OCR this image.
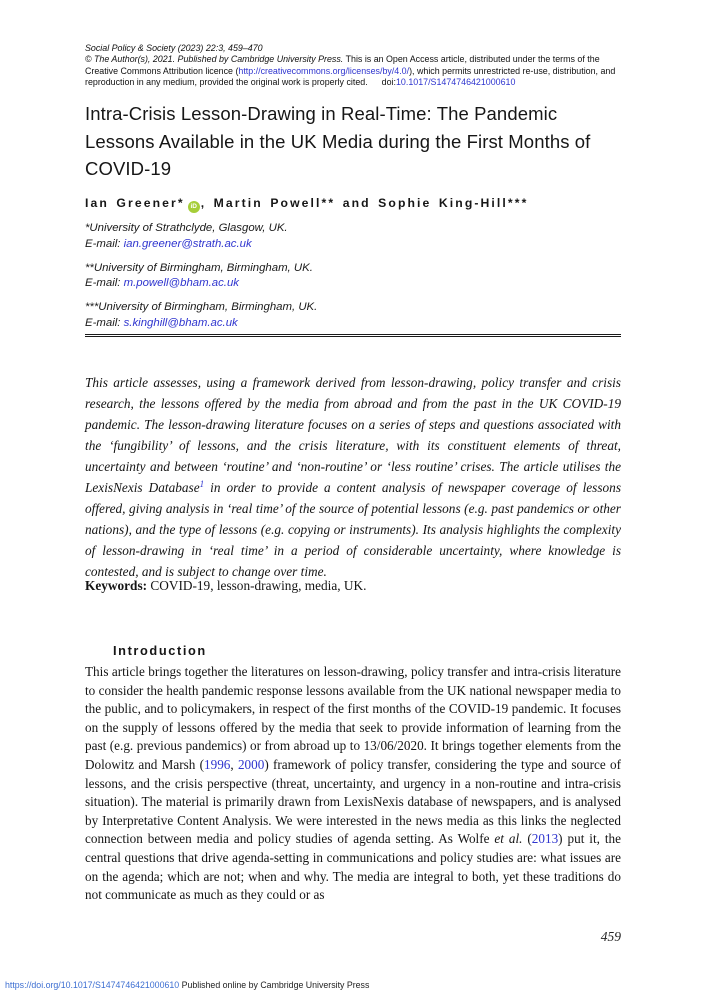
Social Policy & Society (2023) 22:3, 459–470
© The Author(s), 2021. Published by Cambridge University Press. This is an Open Access article, distributed under the terms of the Creative Commons Attribution licence (http://creativecommons.org/licenses/by/4.0/), which permits unrestricted re-use, distribution, and reproduction in any medium, provided the original work is properly cited. doi:10.1017/S1474746421000610
Intra-Crisis Lesson-Drawing in Real-Time: The Pandemic Lessons Available in the UK Media during the First Months of COVID-19
Ian Greener* iD , Martin Powell** and Sophie King-Hill***
*University of Strathclyde, Glasgow, UK.
E-mail: ian.greener@strath.ac.uk
**University of Birmingham, Birmingham, UK.
E-mail: m.powell@bham.ac.uk
***University of Birmingham, Birmingham, UK.
E-mail: s.kinghill@bham.ac.uk

This article assesses, using a framework derived from lesson-drawing, policy transfer and crisis research, the lessons offered by the media from abroad and from the past in the UK COVID-19 pandemic. The lesson-drawing literature focuses on a series of steps and questions associated with the ‘fungibility’ of lessons, and the crisis literature, with its constituent elements of threat, uncertainty and between ‘routine’ and ‘non-routine’ or ‘less routine’ crises. The article utilises the LexisNexis Database$^1$ in order to provide a content analysis of newspaper coverage of lessons offered, giving analysis in ‘real time’ of the source of potential lessons (e.g. past pandemics or other nations), and the type of lessons (e.g. copying or instruments). Its analysis highlights the complexity of lesson-drawing in ‘real time’ in a period of considerable uncertainty, where knowledge is contested, and is subject to change over time.

Keywords: COVID-19, lesson-drawing, media, UK.

Introduction

This article brings together the literatures on lesson-drawing, policy transfer and intra-crisis literature to consider the health pandemic response lessons available from the UK national newspaper media to the public, and to policymakers, in respect of the first months of the COVID-19 pandemic. It focuses on the supply of lessons offered by the media that seek to provide information of learning from the past (e.g. previous pandemics) or from abroad up to 13/06/2020. It brings together elements from the Dolowitz and Marsh (1996, 2000) framework of policy transfer, considering the type and source of lessons, and the crisis perspective (threat, uncertainty, and urgency in a non-routine and intra-crisis situation). The material is primarily drawn from LexisNexis database of newspapers, and is analysed by Interpretative Content Analysis. We were interested in the news media as this links the neglected connection between media and policy studies of agenda setting. As Wolfe et al. (2013) put it, the central questions that drive agenda-setting in communications and policy studies are: what issues are on the agenda; which are not; when and why. The media are integral to both, yet these traditions do not communicate as much as they could or as

459
https://doi.org/10.1017/S1474746421000610 Published online by Cambridge University Press
